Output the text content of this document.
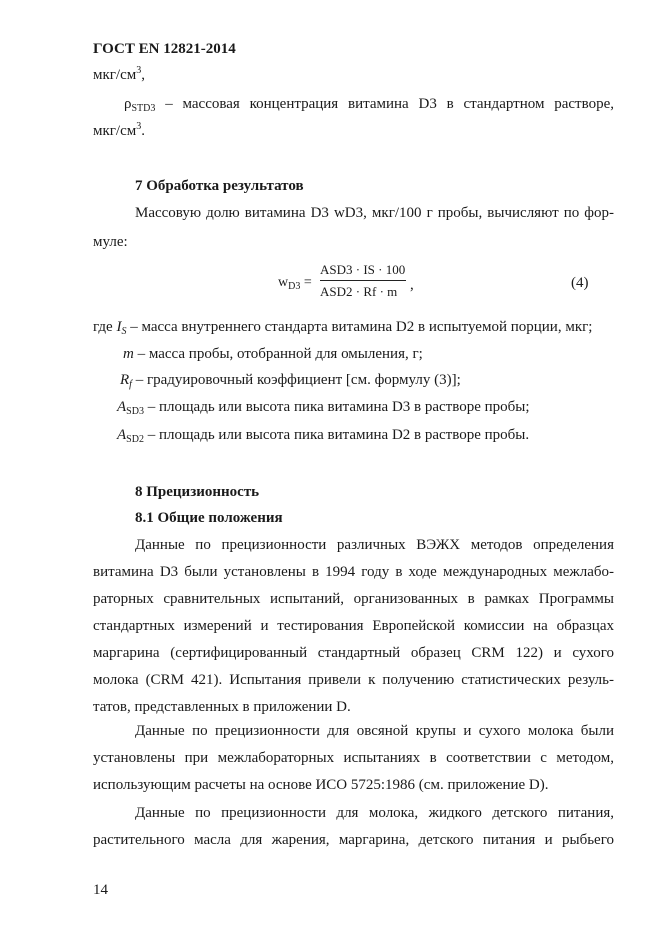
ГОСТ EN 12821-2014
мкг/$см^3$,
$\rho_{STD3}$ – массовая концентрация витамина D3 в стандартном растворе,
мкг/$см^3$.
7 Обработка результатов
Массовую долю витамина D3 wD3, мкг/100 г пробы, вычисляют по фор-
муле:
$w_{D3}$ =
ASD3 · IS · 100
ASD2 · Rf · m ,	(4)
где $I_S$ – масса внутреннего стандарта витамина D2 в испытуемой порции, мкг;
m – масса пробы, отобранной для омыления, г;
$R_f$ – градуировочный коэффициент [см. формулу (3)];
$A_{SD3}$ – площадь или высота пика витамина D3 в растворе пробы;
$A_{SD2}$ – площадь или высота пика витамина D2 в растворе пробы.
8 Прецизионность
8.1 Общие положения
Данные по прецизионности различных ВЭЖХ методов определения
витамина D3 были установлены в 1994 году в ходе международных межлабо-
раторных сравнительных испытаний, организованных в рамках Программы
стандартных измерений и тестирования Европейской комиссии на образцах
маргарина (сертифицированный стандартный образец CRM 122) и сухого
молока (CRM 421). Испытания привели к получению статистических резуль-
татов, представленных в приложении D.
Данные по прецизионности для овсяной крупы и сухого молока были
установлены при межлабораторных испытаниях в соответствии с методом,
использующим расчеты на основе ИСО 5725:1986 (см. приложение D).
Данные по прецизионности для молока, жидкого детского питания,
растительного масла для жарения, маргарина, детского питания и рыбьего
14
